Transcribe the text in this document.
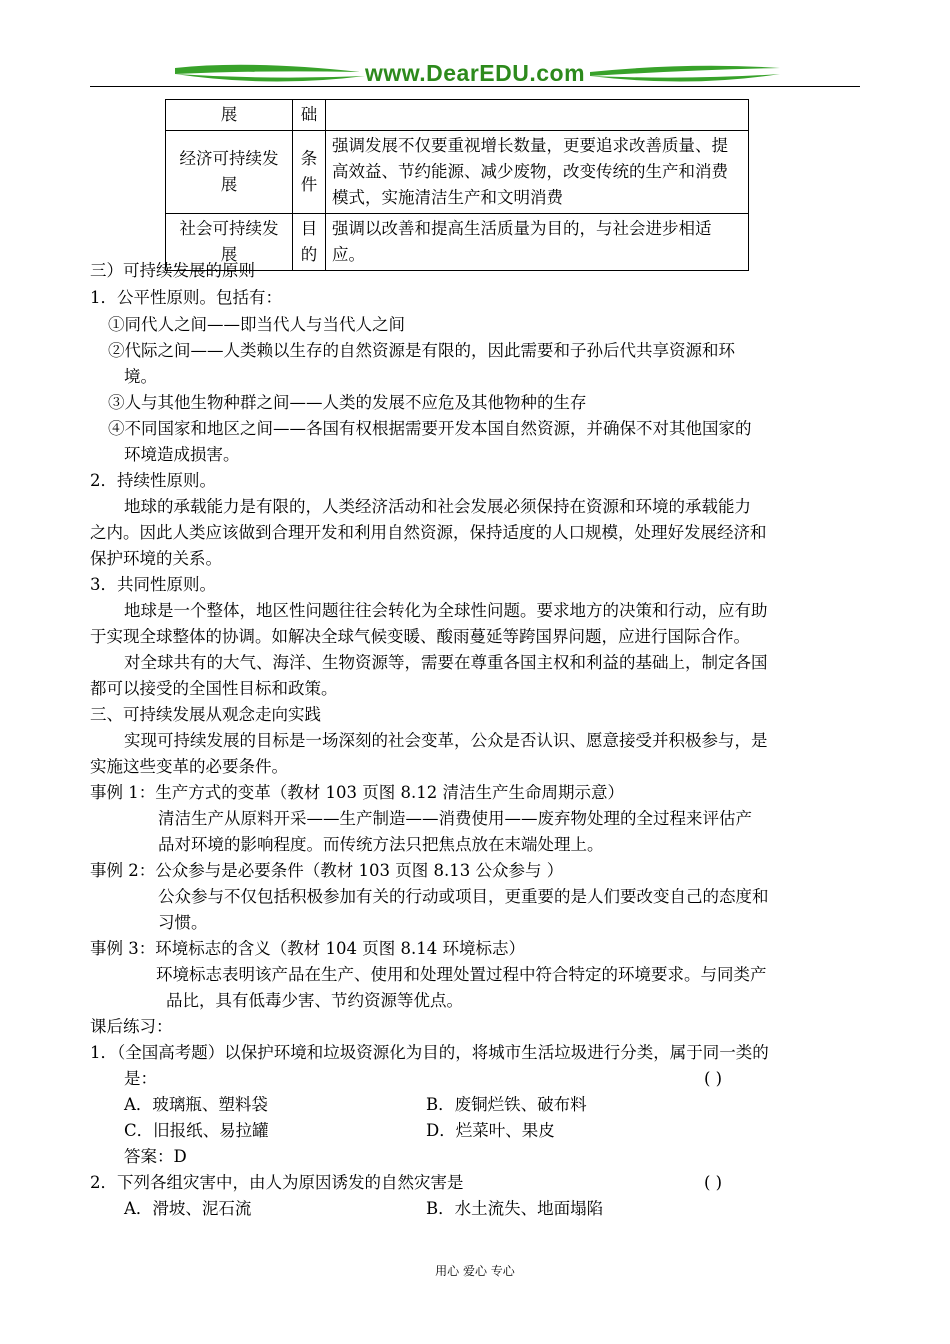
www.DearEDU.com
展	础	
经济可持续发展	条件	强调发展不仅要重视增长数量，更要追求改善质量、提高效益、节约能源、减少废物，改变传统的生产和消费模式，实施清洁生产和文明消费
社会可持续发展	目的	强调以改善和提高生活质量为目的，与社会进步相适应。
三）可持续发展的原则
1．公平性原则。包括有：
①同代人之间——即当代人与当代人之间
②代际之间——人类赖以生存的自然资源是有限的，因此需要和子孙后代共享资源和环
境。
③人与其他生物种群之间——人类的发展不应危及其他物种的生存
④不同国家和地区之间——各国有权根据需要开发本国自然资源，并确保不对其他国家的
环境造成损害。
2．持续性原则。
地球的承载能力是有限的，人类经济活动和社会发展必须保持在资源和环境的承载能力
之内。因此人类应该做到合理开发和利用自然资源，保持适度的人口规模，处理好发展经济和
保护环境的关系。
3．共同性原则。
地球是一个整体，地区性问题往往会转化为全球性问题。要求地方的决策和行动，应有助
于实现全球整体的协调。如解决全球气候变暖、酸雨蔓延等跨国界问题，应进行国际合作。
对全球共有的大气、海洋、生物资源等，需要在尊重各国主权和利益的基础上，制定各国
都可以接受的全国性目标和政策。
三、可持续发展从观念走向实践
实现可持续发展的目标是一场深刻的社会变革，公众是否认识、愿意接受并积极参与，是
实施这些变革的必要条件。
事例 1：生产方式的变革（教材 103 页图 8.12 清洁生产生命周期示意）
清洁生产从原料开采——生产制造——消费使用——废弃物处理的全过程来评估产
品对环境的影响程度。而传统方法只把焦点放在末端处理上。
事例 2：公众参与是必要条件（教材 103 页图 8.13 公众参与 ）
公众参与不仅包括积极参加有关的行动或项目，更重要的是人们要改变自己的态度和
习惯。
事例 3：环境标志的含义（教材 104 页图 8.14 环境标志）
环境标志表明该产品在生产、使用和处理处置过程中符合特定的环境要求。与同类产
品比，具有低毒少害、节约资源等优点。
课后练习：
1．（全国高考题）以保护环境和垃圾资源化为目的，将城市生活垃圾进行分类，属于同一类的
是：	( )
A．玻璃瓶、塑料袋	B．废铜烂铁、破布料
C．旧报纸、易拉罐	D．烂菜叶、果皮
答案：D
2．下列各组灾害中，由人为原因诱发的自然灾害是	( )
A．滑坡、泥石流	B．水土流失、地面塌陷
用心 爱心 专心
